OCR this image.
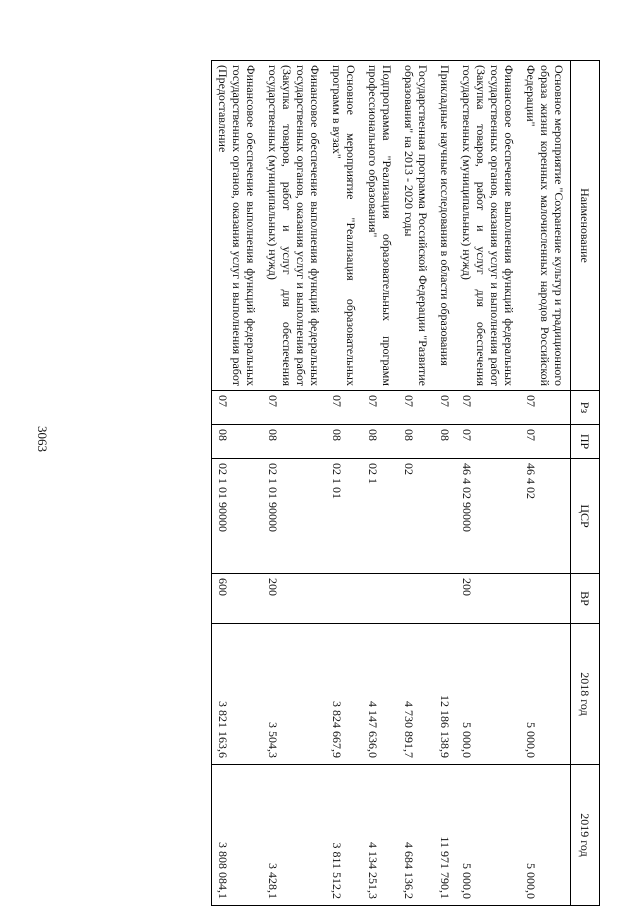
3063
Наименование	Рз	ПР	ЦСР	ВР	2018 год	2019 год
Основное мероприятие "Сохранение культур и традиционного образа жизни коренных малочисленных народов Российской Федерации"	07	07	46 4 02		5 000,0	5 000,0
Финансовое обеспечение выполнения функций федеральных государственных органов, оказания услуг и выполнения работ (Закупка товаров, работ и услуг для обеспечения государственных (муниципальных) нужд)	07	07	46 4 02 90000	200	5 000,0	5 000,0
Прикладные научные исследования в области образования	07	08			12 186 138,9	11 971 790,1
Государственная программа Российской Федерации "Развитие образования" на 2013 - 2020 годы	07	08	02		4 730 891,7	4 684 136,2
Подпрограмма "Реализация образовательных программ профессионального образования"	07	08	02 1		4 147 636,0	4 134 251,3
Основное мероприятие "Реализация образовательных программ в вузах"	07	08	02 1 01		3 824 667,9	3 811 512,2
Финансовое обеспечение выполнения функций федеральных государственных органов, оказания услуг и выполнения работ (Закупка товаров, работ и услуг для обеспечения государственных (муниципальных) нужд)	07	08	02 1 01 90000	200	3 504,3	3 428,1
Финансовое обеспечение выполнения функций федеральных государственных органов, оказания услуг и выполнения работ (Предоставление	07	08	02 1 01 90000	600	3 821 163,6	3 808 084,1
